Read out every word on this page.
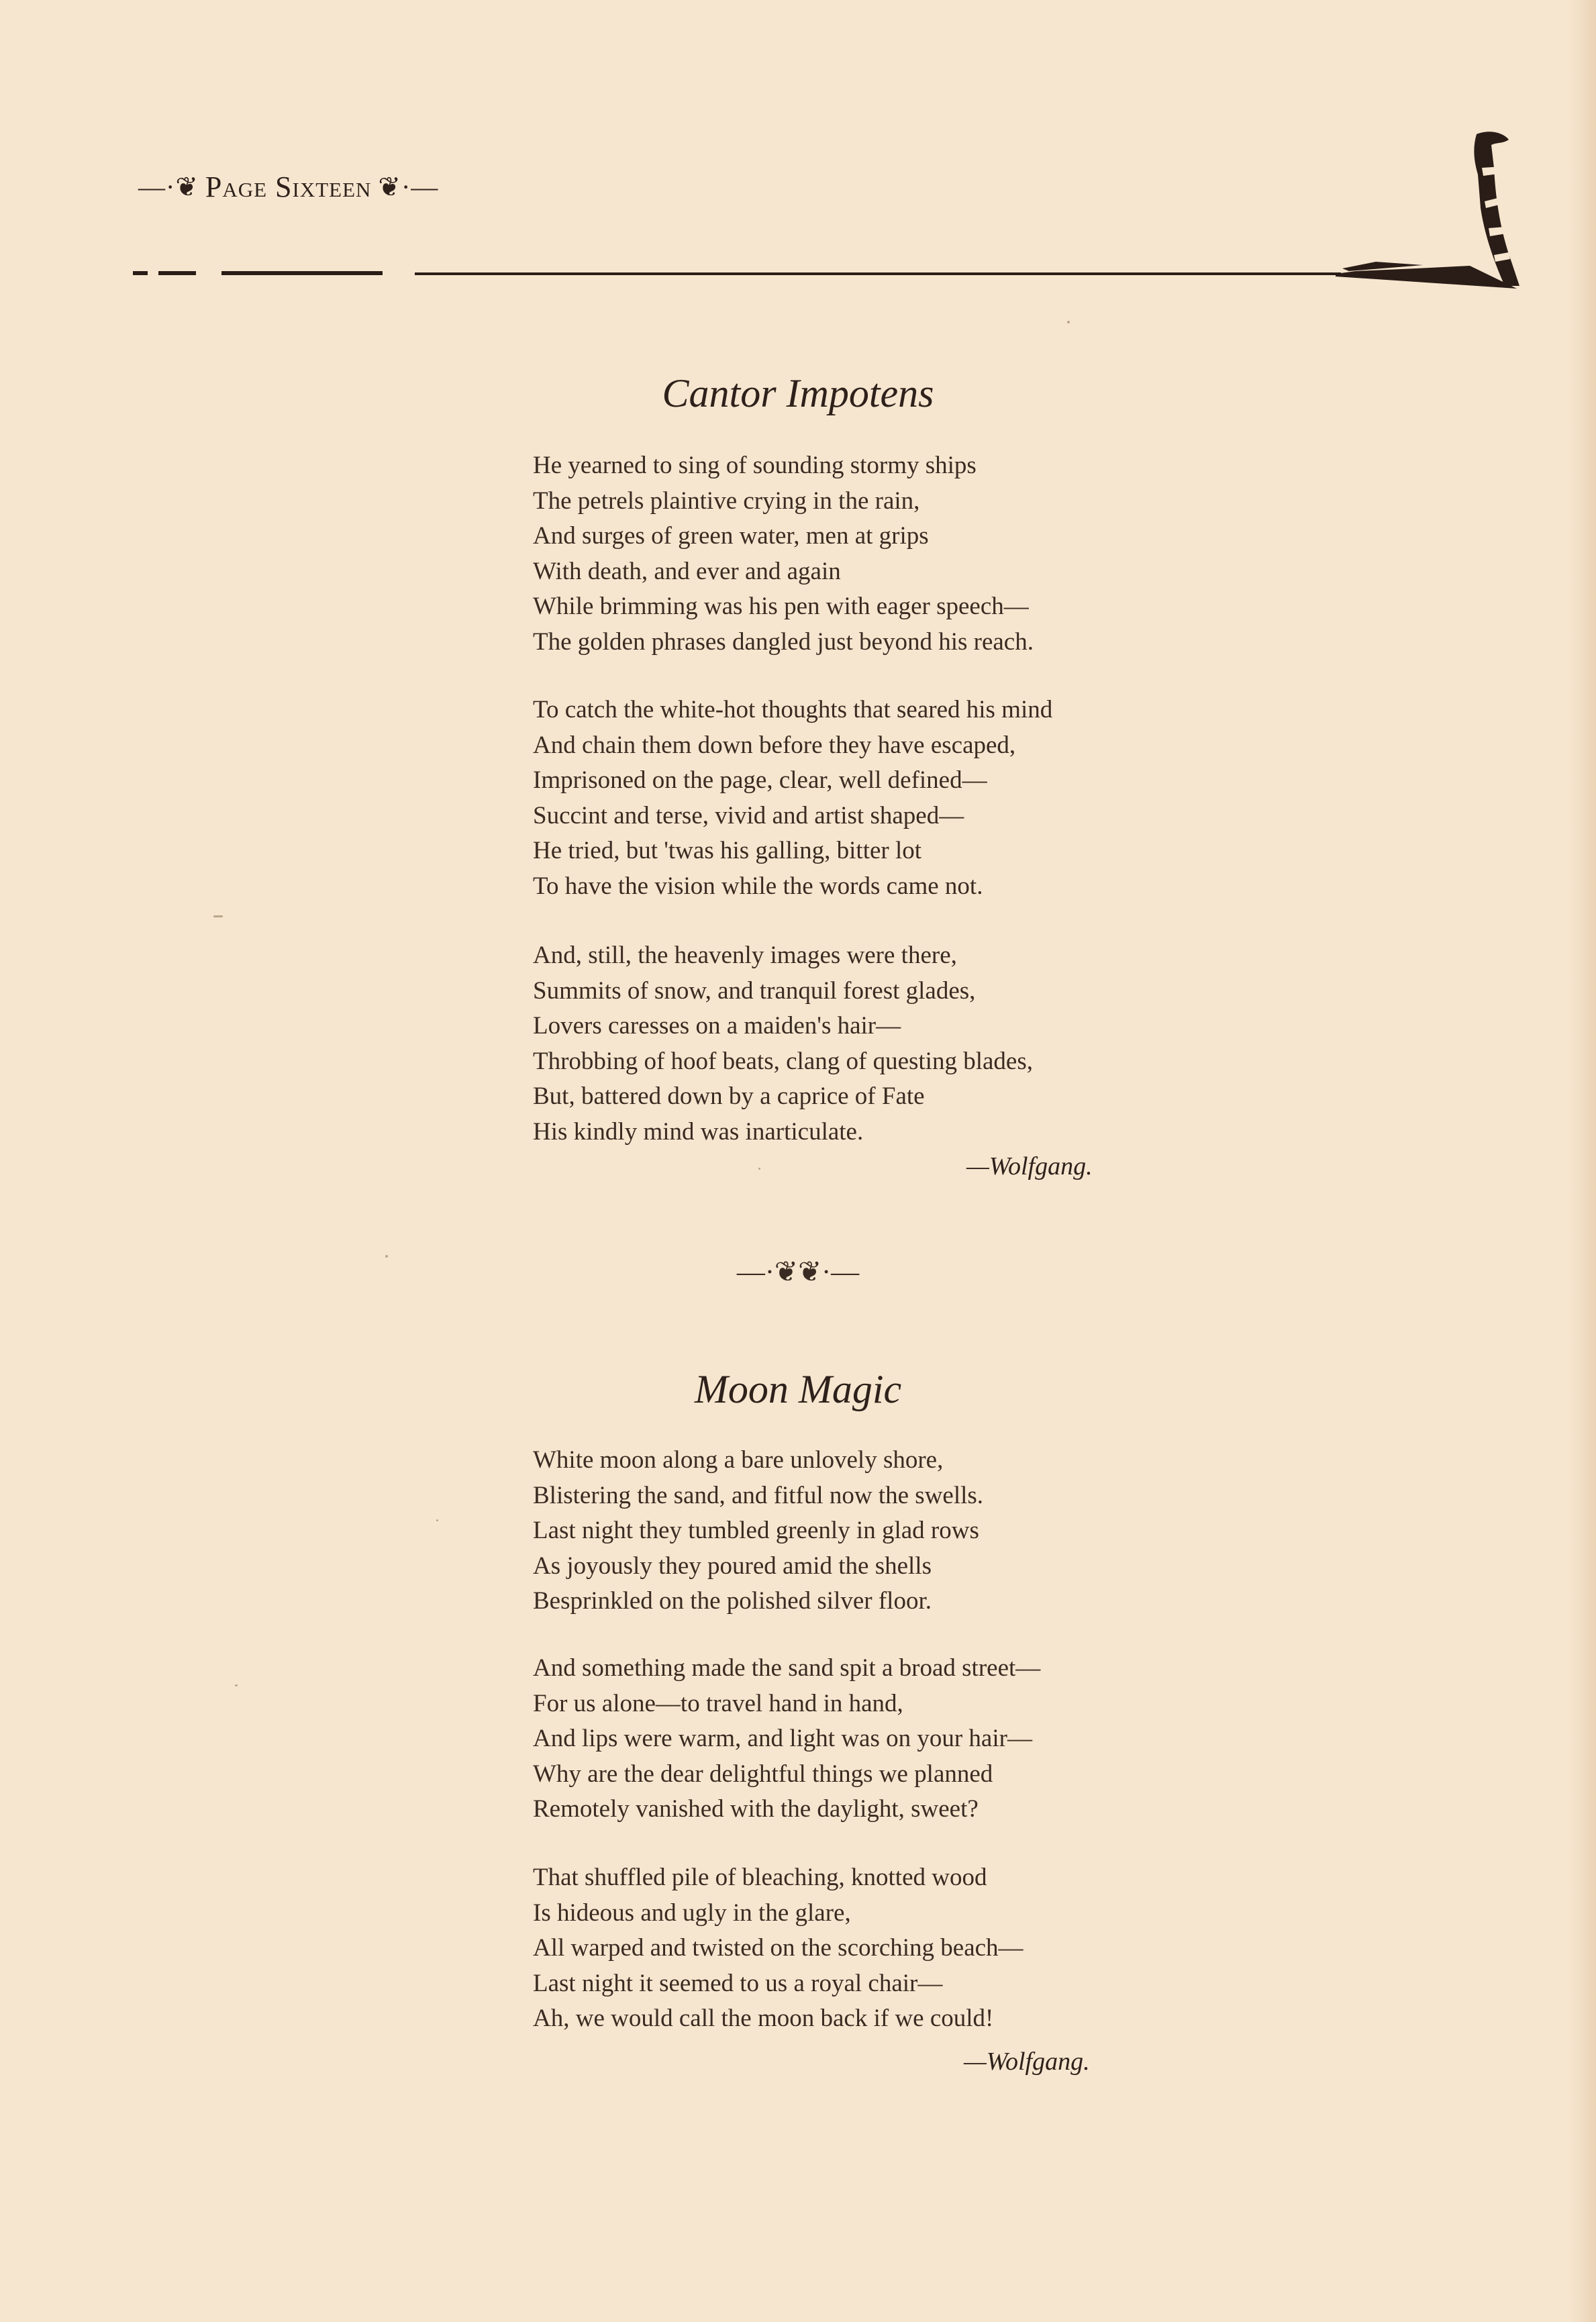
—·❦ Page
Sixteen ❦·—
Cantor Impotens
He yearned to sing of sounding stormy ships
The petrels plaintive crying in the rain,
And surges of green water, men at grips
With death, and ever and again
While brimming was his pen with eager speech—
The golden phrases dangled just beyond his reach.
To catch the white-hot thoughts that seared his mind
And chain them down before they have escaped,
Imprisoned on the page, clear, well defined—
Succint and terse, vivid and artist shaped—
He tried, but 'twas his galling, bitter lot
To have the vision while the words came not.
And, still, the heavenly images were there,
Summits of snow, and tranquil forest glades,
Lovers caresses on a maiden's hair—
Throbbing of hoof beats, clang of questing blades,
But, battered down by a caprice of Fate
His kindly mind was inarticulate.
—Wolfgang.
—·❦❦·—
Moon Magic
White moon along a bare unlovely shore,
Blistering the sand, and fitful now the swells.
Last night they tumbled greenly in glad rows
As joyously they poured amid the shells
Besprinkled on the polished silver floor.
And something made the sand spit a broad street—
For us alone—to travel hand in hand,
And lips were warm, and light was on your hair—
Why are the dear delightful things we planned
Remotely vanished with the daylight, sweet?
That shuffled pile of bleaching, knotted wood
Is hideous and ugly in the glare,
All warped and twisted on the scorching beach—
Last night it seemed to us a royal chair—
Ah, we would call the moon back if we could!
—Wolfgang.
